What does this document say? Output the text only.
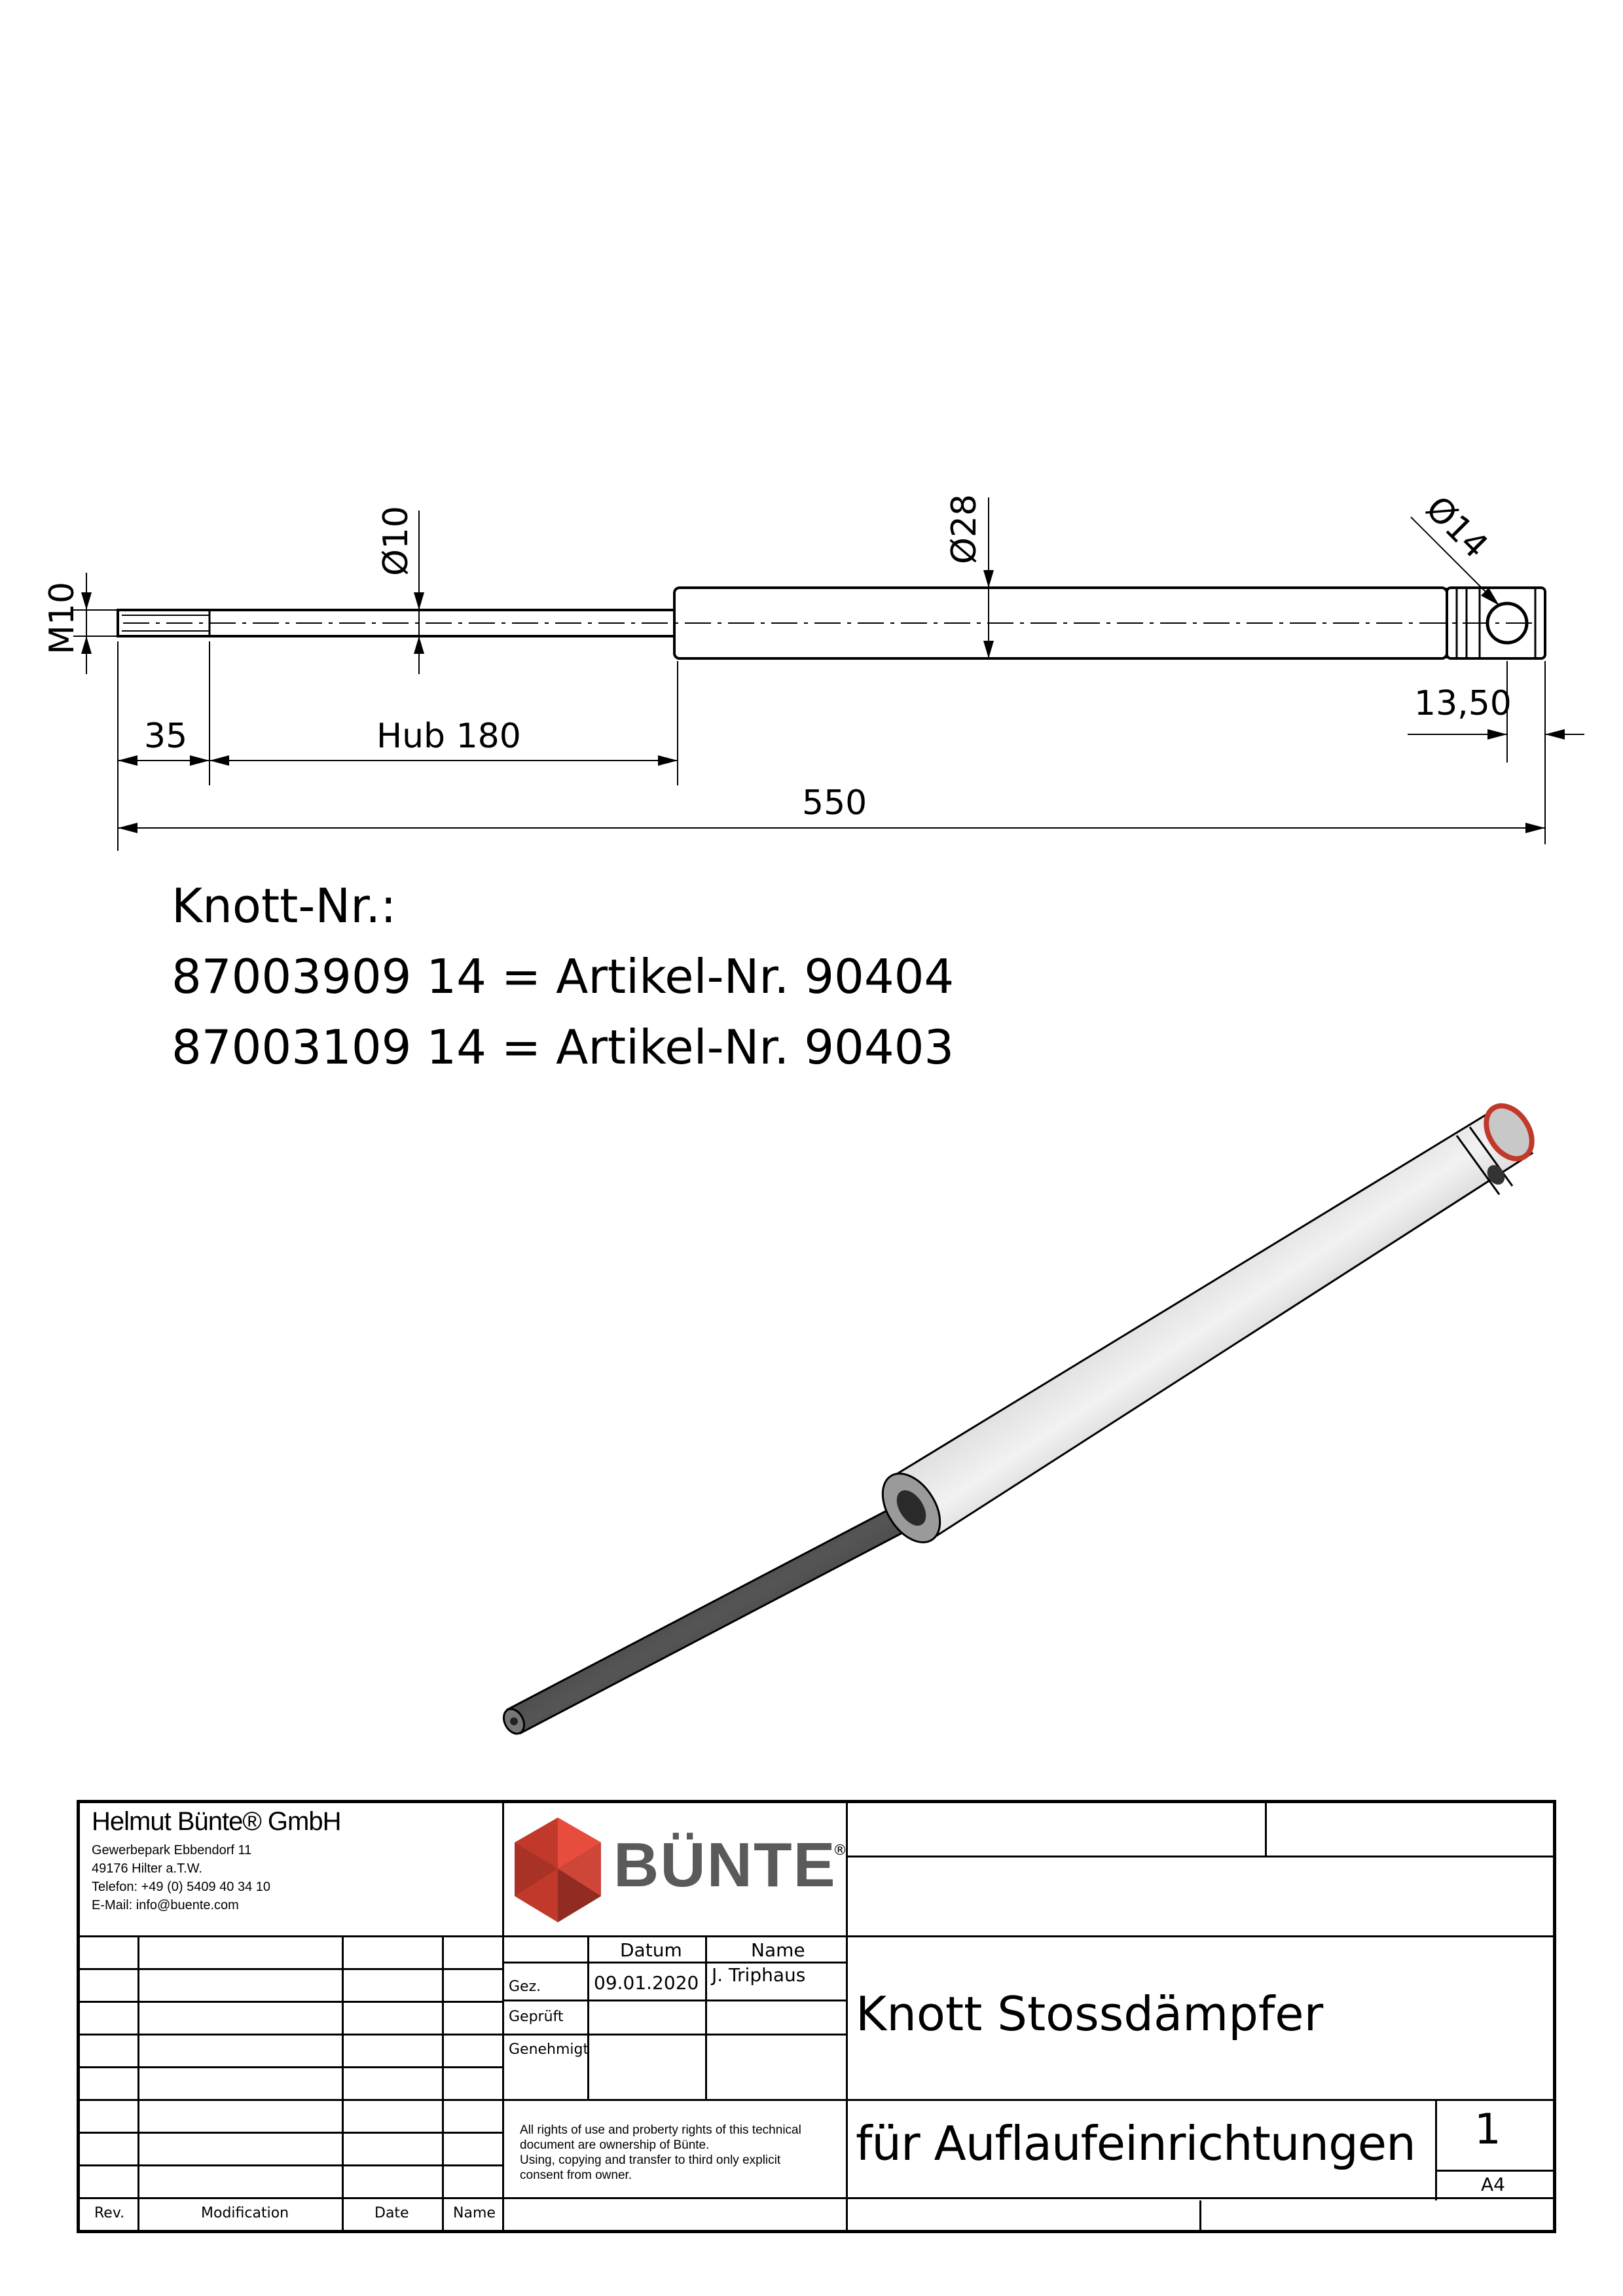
M10
Ø10	Ø28	Ø14
35	Hub 180
550
13,50
Knott-Nr.:
87003909 14 = Artikel-Nr. 90404
87003109 14 = Artikel-Nr. 90403
Helmut Bünte® GmbH
Gewerbepark Ebbendorf 11
49176 Hilter a.T.W.
Telefon: +49 (0) 5409 40 34 10
E-Mail: info@buente.com
BÜNTE
®
Datum	Name
Gez.	09.01.2020 J. Triphaus
Geprüft
Genehmigt
All rights of use and proberty rights of this technical
document are ownership of Bünte.
Using, copying and transfer to third only explicit
consent from owner.
Knott Stossdämpfer
für Auflaufeinrichtungen 1
A4
Rev.	Modification	Date	Name
